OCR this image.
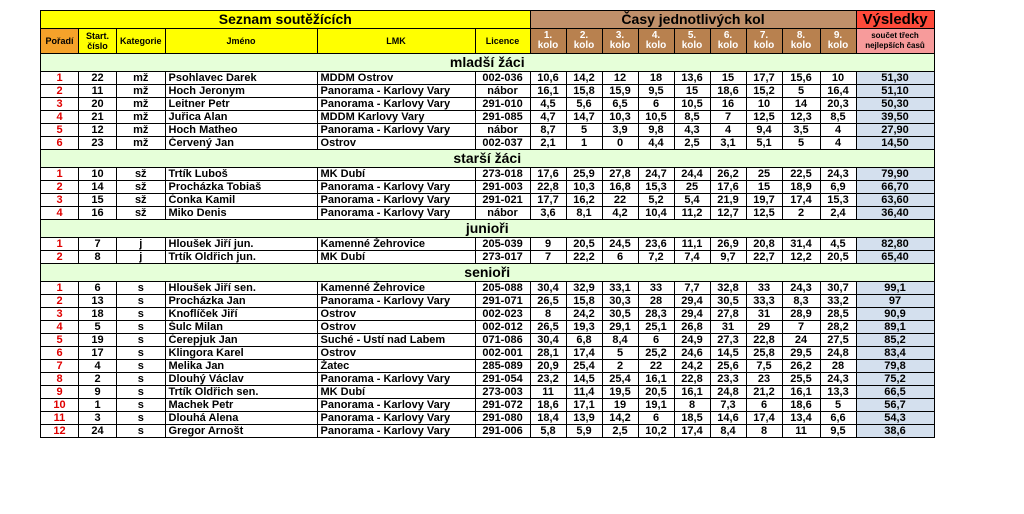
Seznam soutěžících						Časy jednotlivých kol									Výsledky
Pořadí	Start. číslo	Kategorie	Jméno	LMK	Licence	1. kolo	2. kolo	3. kolo	4. kolo	5. kolo	6. kolo	7. kolo	8. kolo	9. kolo	součet třech nejlepších časů
mladší žáci															
1	22	mž	Psohlavec Darek	MDDM Ostrov	002-036	10,6	14,2	12	18	13,6	15	17,7	15,6	10	51,30
2	11	mž	Hoch Jeronym	Panorama - Karlovy Vary	nábor	16,1	15,8	15,9	9,5	15	18,6	15,2	5	16,4	51,10
3	20	mž	Leitner Petr	Panorama - Karlovy Vary	291-010	4,5	5,6	6,5	6	10,5	16	10	14	20,3	50,30
4	21	mž	Juřica Alan	MDDM Karlovy Vary	291-085	4,7	14,7	10,3	10,5	8,5	7	12,5	12,3	8,5	39,50
5	12	mž	Hoch Matheo	Panorama - Karlovy Vary	nábor	8,7	5	3,9	9,8	4,3	4	9,4	3,5	4	27,90
6	23	mž	Červený Jan	Ostrov	002-037	2,1	1	0	4,4	2,5	3,1	5,1	5	4	14,50
starší žáci															
1	10	sž	Trtík Luboš	MK Dubí	273-018	17,6	25,9	27,8	24,7	24,4	26,2	25	22,5	24,3	79,90
2	14	sž	Procházka Tobiaš	Panorama - Karlovy Vary	291-003	22,8	10,3	16,8	15,3	25	17,6	15	18,9	6,9	66,70
3	15	sž	Čonka Kamil	Panorama - Karlovy Vary	291-021	17,7	16,2	22	5,2	5,4	21,9	19,7	17,4	15,3	63,60
4	16	sž	Miko Denis	Panorama - Karlovy Vary	nábor	3,6	8,1	4,2	10,4	11,2	12,7	12,5	2	2,4	36,40
junioři															
1	7	j	Hloušek Jiří jun.	Kamenné Žehrovice	205-039	9	20,5	24,5	23,6	11,1	26,9	20,8	31,4	4,5	82,80
2	8	j	Trtík Oldřich jun.	MK Dubí	273-017	7	22,2	6	7,2	7,4	9,7	22,7	12,2	20,5	65,40
senioři															
1	6	s	Hloušek Jiří sen.	Kamenné Žehrovice	205-088	30,4	32,9	33,1	33	7,7	32,8	33	24,3	30,7	99,1
2	13	s	Procházka Jan	Panorama - Karlovy Vary	291-071	26,5	15,8	30,3	28	29,4	30,5	33,3	8,3	33,2	97
3	18	s	Knoflíček Jiří	Ostrov	002-023	8	24,2	30,5	28,3	29,4	27,8	31	28,9	28,5	90,9
4	5	s	Šulc Milan	Ostrov	002-012	26,5	19,3	29,1	25,1	26,8	31	29	7	28,2	89,1
5	19	s	Čerepjuk Jan	Suché - Ustí nad Labem	071-086	30,4	6,8	8,4	6	24,9	27,3	22,8	24	27,5	85,2
6	17	s	Klingora Karel	Ostrov	002-001	28,1	17,4	5	25,2	24,6	14,5	25,8	29,5	24,8	83,4
7	4	s	Melika Jan	Žatec	285-089	20,9	25,4	2	22	24,2	25,6	7,5	26,2	28	79,8
8	2	s	Dlouhý Václav	Panorama - Karlovy Vary	291-054	23,2	14,5	25,4	16,1	22,8	23,3	23	25,5	24,3	75,2
9	9	s	Trtík Oldřich sen.	MK Dubí	273-003	11	11,4	19,5	20,5	16,1	24,8	21,2	16,1	13,3	66,5
10	1	s	Machek Petr	Panorama - Karlovy Vary	291-072	18,6	17,1	19	19,1	8	7,3	6	18,6	5	56,7
11	3	s	Dlouhá Alena	Panorama - Karlovy Vary	291-080	18,4	13,9	14,2	6	18,5	14,6	17,4	13,4	6,6	54,3
12	24	s	Gregor Arnošt	Panorama - Karlovy Vary	291-006	5,8	5,9	2,5	10,2	17,4	8,4	8	11	9,5	38,6
